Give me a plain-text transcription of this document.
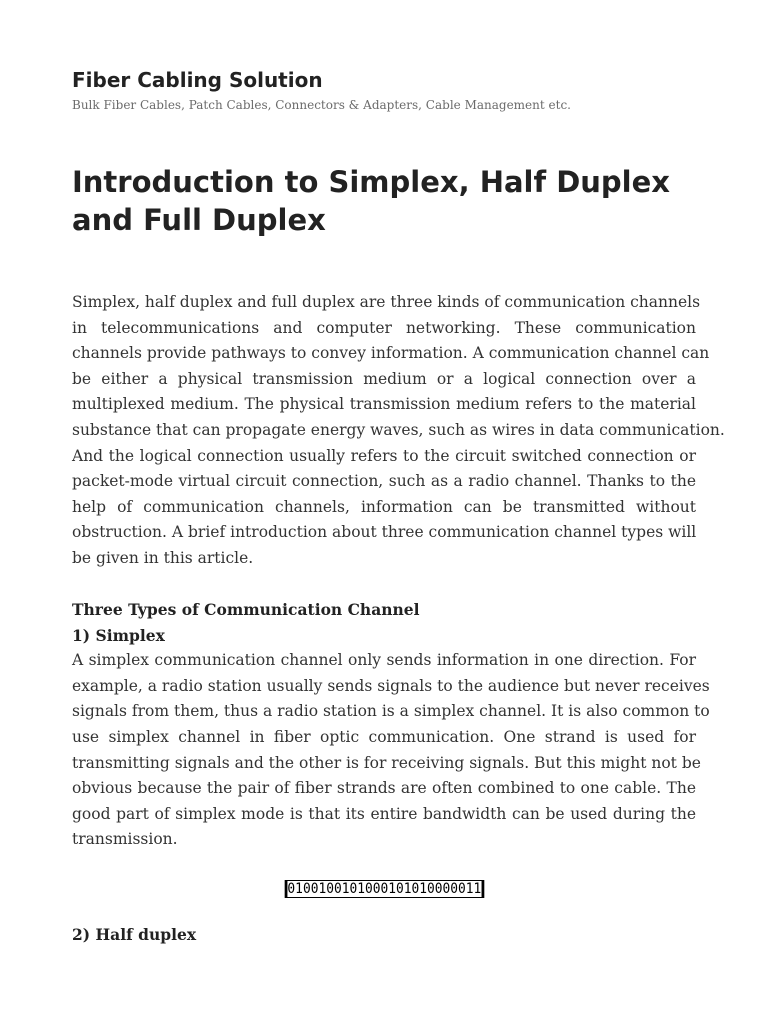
Fiber Cabling Solution
Bulk Fiber Cables, Patch Cables, Connectors & Adapters, Cable Management etc.
Introduction to Simplex, Half Duplex and Full Duplex
Simplex, half duplex and full duplex are three kinds of communication channels
in telecommunications and computer networking. These communication
channels provide pathways to convey information. A communication channel can
be either a physical transmission medium or a logical connection over a
multiplexed medium. The physical transmission medium refers to the material
substance that can propagate energy waves, such as wires in data communication.
And the logical connection usually refers to the circuit switched connection or
packet-mode virtual circuit connection, such as a radio channel. Thanks to the
help of communication channels, information can be transmitted without
obstruction. A brief introduction about three communication channel types will
be given in this article.
Three Types of Communication Channel
1) Simplex
A simplex communication channel only sends information in one direction. For
example, a radio station usually sends signals to the audience but never receives
signals from them, thus a radio station is a simplex channel. It is also common to
use simplex channel in fiber optic communication. One strand is used for
transmitting signals and the other is for receiving signals. But this might not be
obvious because the pair of fiber strands are often combined to one cable. The
good part of simplex mode is that its entire bandwidth can be used during the
transmission.
0100100101000101010000011
2) Half duplex
